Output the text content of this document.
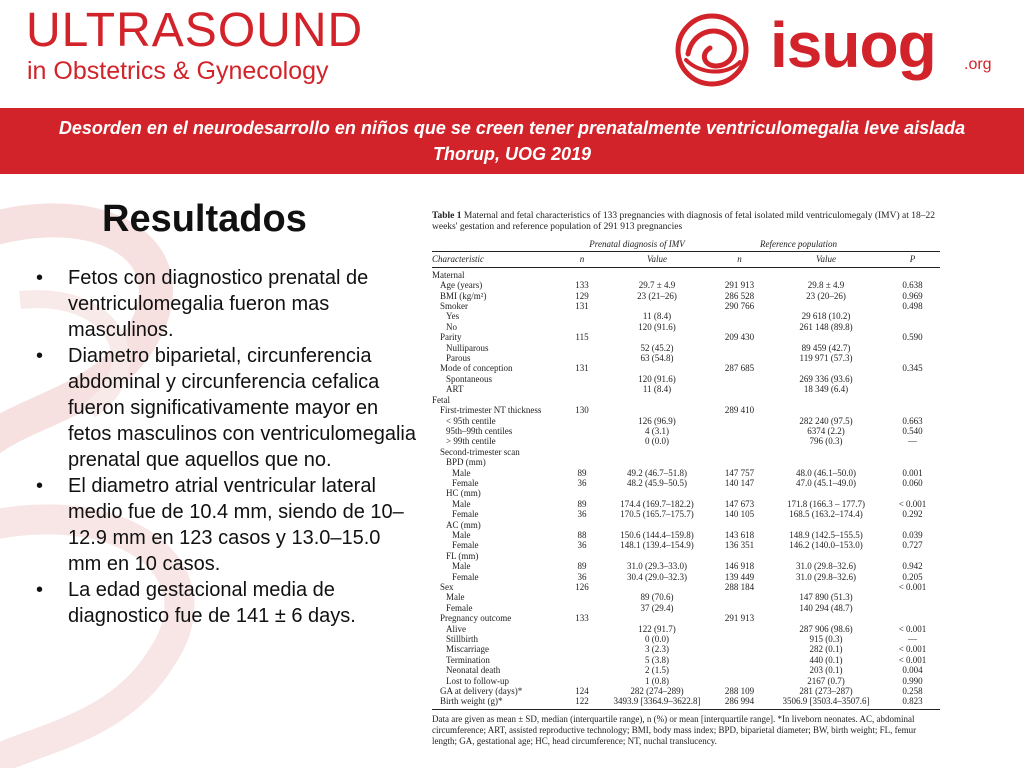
ULTRASOUND
in Obstetrics & Gynecology	isuog .org
Desorden en el neurodesarrollo en niños que se creen tener prenatalmente ventriculomegalia leve aislada
Thorup, UOG 2019
Resultados
• Fetos con diagnostico prenatal de ventriculomegalia fueron mas masculinos.
• Diametro biparietal, circunferencia abdominal y circunferencia cefalica fueron significativamente mayor en fetos masculinos con ventriculomegalia prenatal que aquellos que no.
• El diametro atrial ventricular lateral medio fue de 10.4 mm, siendo de 10–12.9 mm en 123 casos y 13.0–15.0 mm en 10 casos.
• La edad gestacional media de diagnostico fue de 141 ± 6 days.

Table 1 Maternal and fetal characteristics of 133 pregnancies with diagnosis of fetal isolated mild ventriculomegaly (IMV) at 18–22 weeks' gestation and reference population of 291 913 pregnancies

	Prenatal diagnosis of IMV		Reference population		
Characteristic	n	Value	n	Value	P
Maternal					
Age (years)	133	29.7 ± 4.9	291 913	29.8 ± 4.9	0.638
BMI (kg/m²)	129	23 (21–26)	286 528	23 (20–26)	0.969
Smoker	131		290 766		0.498
Yes		11 (8.4)		29 618 (10.2)	
No		120 (91.6)		261 148 (89.8)	
Parity	115		209 430		0.590
Nulliparous		52 (45.2)		89 459 (42.7)	
Parous		63 (54.8)		119 971 (57.3)	
Mode of conception	131		287 685		0.345
Spontaneous		120 (91.6)		269 336 (93.6)	
ART		11 (8.4)		18 349 (6.4)	
Fetal					
First-trimester NT thickness	130		289 410		
< 95th centile		126 (96.9)		282 240 (97.5)	0.663
95th–99th centiles		4 (3.1)		6374 (2.2)	0.540
> 99th centile		0 (0.0)		796 (0.3)	—
Second-trimester scan					
BPD (mm)					
Male	89	49.2 (46.7–51.8)	147 757	48.0 (46.1–50.0)	0.001
Female	36	48.2 (45.9–50.5)	140 147	47.0 (45.1–49.0)	0.060
HC (mm)					
Male	89	174.4 (169.7–182.2)	147 673	171.8 (166.3 – 177.7)	< 0.001
Female	36	170.5 (165.7–175.7)	140 105	168.5 (163.2–174.4)	0.292
AC (mm)					
Male	88	150.6 (144.4–159.8)	143 618	148.9 (142.5–155.5)	0.039
Female	36	148.1 (139.4–154.9)	136 351	146.2 (140.0–153.0)	0.727
FL (mm)					
Male	89	31.0 (29.3–33.0)	146 918	31.0 (29.8–32.6)	0.942
Female	36	30.4 (29.0–32.3)	139 449	31.0 (29.8–32.6)	0.205
Sex	126		288 184		< 0.001
Male		89 (70.6)		147 890 (51.3)	
Female		37 (29.4)		140 294 (48.7)	
Pregnancy outcome	133		291 913		
Alive		122 (91.7)		287 906 (98.6)	< 0.001
Stillbirth		0 (0.0)		915 (0.3)	—
Miscarriage		3 (2.3)		282 (0.1)	< 0.001
Termination		5 (3.8)		440 (0.1)	< 0.001
Neonatal death		2 (1.5)		203 (0.1)	0.004
Lost to follow-up		1 (0.8)		2167 (0.7)	0.990
GA at delivery (days)*	124	282 (274–289)	288 109	281 (273–287)	0.258
Birth weight (g)*	122	3493.9 [3364.9–3622.8]	286 994	3506.9 [3503.4–3507.6]	0.823
Data are given as mean ± SD, median (interquartile range), n (%) or mean [interquartile range]. *In liveborn neonates. AC, abdominal circumference; ART, assisted reproductive technology; BMI, body mass index; BPD, biparietal diameter; BW, birth weight; FL, femur length; GA, gestational age; HC, head circumference; NT, nuchal translucency.
